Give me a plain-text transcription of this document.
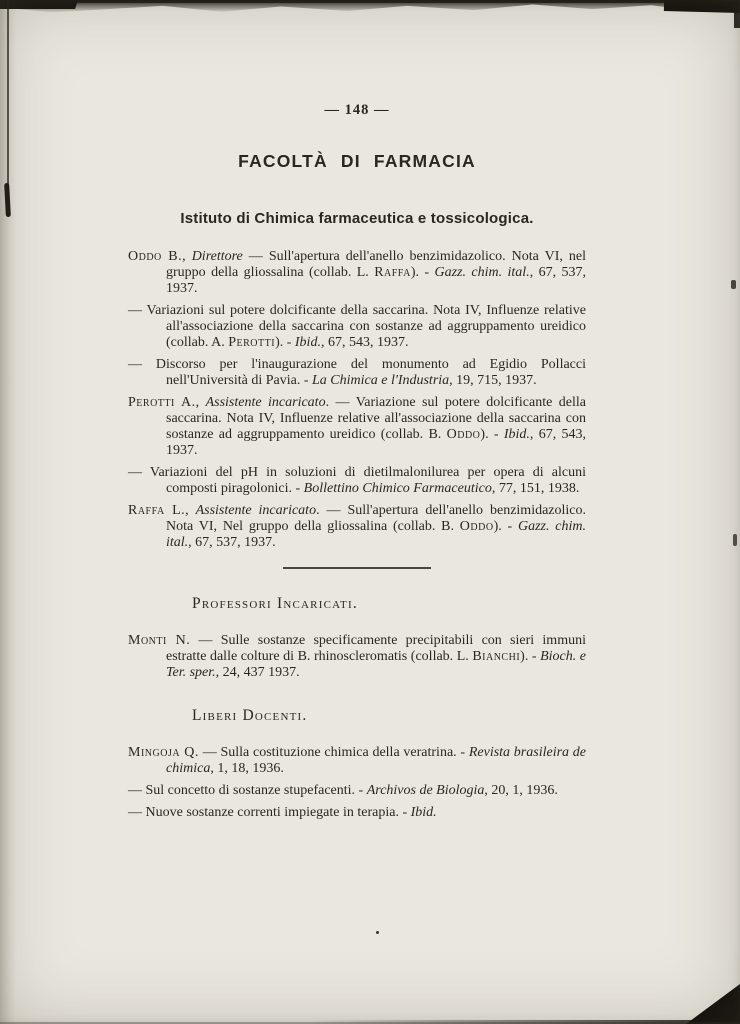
— 148 —
FACOLTÀ DI FARMACIA
Istituto di Chimica farmaceutica e tossicologica.

Oddo B., Direttore — Sull'apertura dell'anello benzimidazolico. Nota VI, nel gruppo della gliossalina (collab. L. Raffa). - Gazz. chim. ital., 67, 537, 1937.

— Variazioni sul potere dolcificante della saccarina. Nota IV, Influenze relative all'associazione della saccarina con sostanze ad aggruppamento ureidico (collab. A. Perotti). - Ibid., 67, 543, 1937.

— Discorso per l'inaugurazione del monumento ad Egidio Pollacci nell'Università di Pavia. - La Chimica e l'Industria, 19, 715, 1937.

Perotti A., Assistente incaricato. — Variazione sul potere dolcificante della saccarina. Nota IV, Influenze relative all'associazione della saccarina con sostanze ad aggruppamento ureidico (collab. B. Oddo). - Ibid., 67, 543, 1937.

— Variazioni del pH in soluzioni di dietilmalonilurea per opera di alcuni composti piragolonici. - Bollettino Chimico Farmaceutico, 77, 151, 1938.

Raffa L., Assistente incaricato. — Sull'apertura dell'anello benzimidazolico. Nota VI, Nel gruppo della gliossalina (collab. B. Oddo). - Gazz. chim. ital., 67, 537, 1937.

Professori Incaricati.

Monti N. — Sulle sostanze specificamente precipitabili con sieri immuni estratte dalle colture di B. rhinoscleromatis (collab. L. Bianchi). - Bioch. e Ter. sper., 24, 437 1937.

Liberi Docenti.

Mingoja Q. — Sulla costituzione chimica della veratrina. - Revista brasileira de chimica, 1, 18, 1936.

— Sul concetto di sostanze stupefacenti. - Archivos de Biologia, 20, 1, 1936.

— Nuove sostanze correnti impiegate in terapia. - Ibid.
